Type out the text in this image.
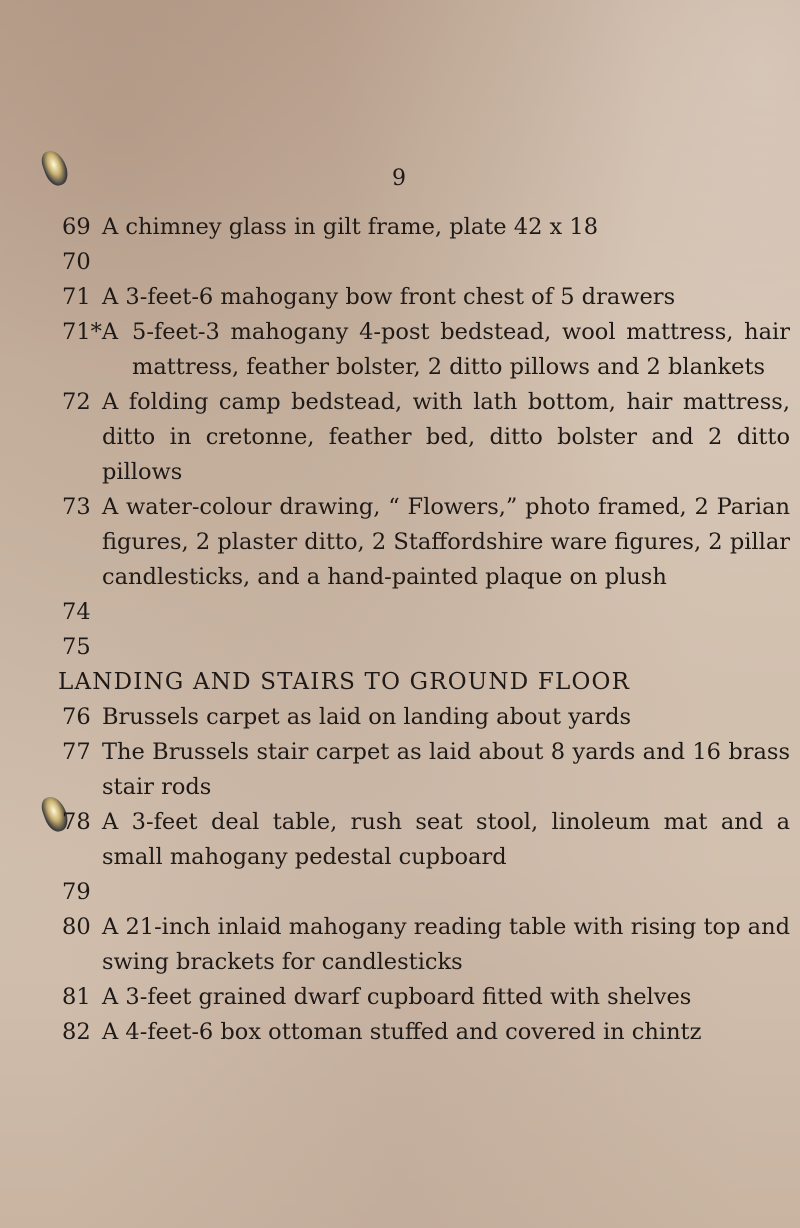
9
69 A chimney glass in gilt frame, plate 42 x 18
70
71 A 3-feet-6 mahogany bow front chest of 5 drawers
71*A 5-feet-3 mahogany 4-post bedstead, wool mattress, hair mattress, feather bolster, 2 ditto pillows and 2 blankets
72 A folding camp bedstead, with lath bottom, hair mattress, ditto in cretonne, feather bed, ditto bolster and 2 ditto pillows
73 A water-colour drawing, “ Flowers,” photo framed, 2 Parian figures, 2 plaster ditto, 2 Staffordshire ware figures, 2 pillar candlesticks, and a hand-painted plaque on plush
74
75
LANDING AND STAIRS TO GROUND FLOOR
76 Brussels carpet as laid on landing about yards
77 The Brussels stair carpet as laid about 8 yards and 16 brass stair rods
78 A 3-feet deal table, rush seat stool, linoleum mat and a small mahogany pedestal cupboard
79
80 A 21-inch inlaid mahogany reading table with rising top and swing brackets for candlesticks
81 A 3-feet grained dwarf cupboard fitted with shelves
82 A 4-feet-6 box ottoman stuffed and covered in chintz
